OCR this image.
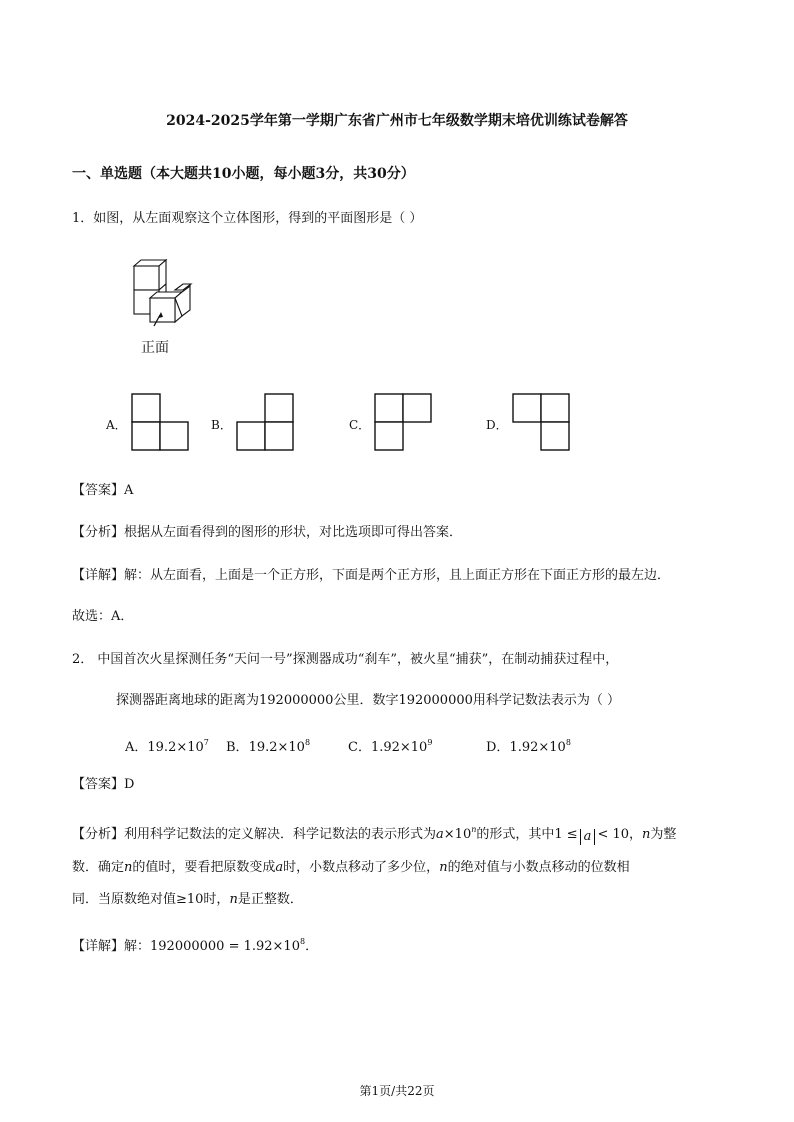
2024-2025学年第一学期广东省广州市七年级数学期末培优训练试卷解答
一、单选题（本大题共10小题，每小题3分，共30分）
1．如图，从左面观察这个立体图形，得到的平面图形是（ ）
正面
A．	B．	C．	D．
【答案】A
【分析】根据从左面看得到的图形的形状，对比选项即可得出答案．
【详解】解：从左面看，上面是一个正方形，下面是两个正方形，且上面正方形在下面正方形的最左边．
故选：A．
2． 中国首次火星探测任务“天问一号”探测器成功“刹车”，被火星“捕获”，在制动捕获过程中，
探测器距离地球的距离为192000000公里．数字192000000用科学记数法表示为（ ）
A．$19.2\times 10^7$ B．$19.2\times 10^8$	C．$1.92\times 10^9$	D．$1.92\times 10^8$
【答案】D
【分析】利用科学记数法的定义解决．科学记数法的表示形式为$a\times 10^n$的形式，其中1 ≤ a < 10，n为整
数．确定n的值时，要看把原数变成a时，小数点移动了多少位，n的绝对值与小数点移动的位数相
同．当原数绝对值≥10时，n是正整数．
【详解】解：$192000000 = 1.92\times 10^8$．
第1页/共22页
